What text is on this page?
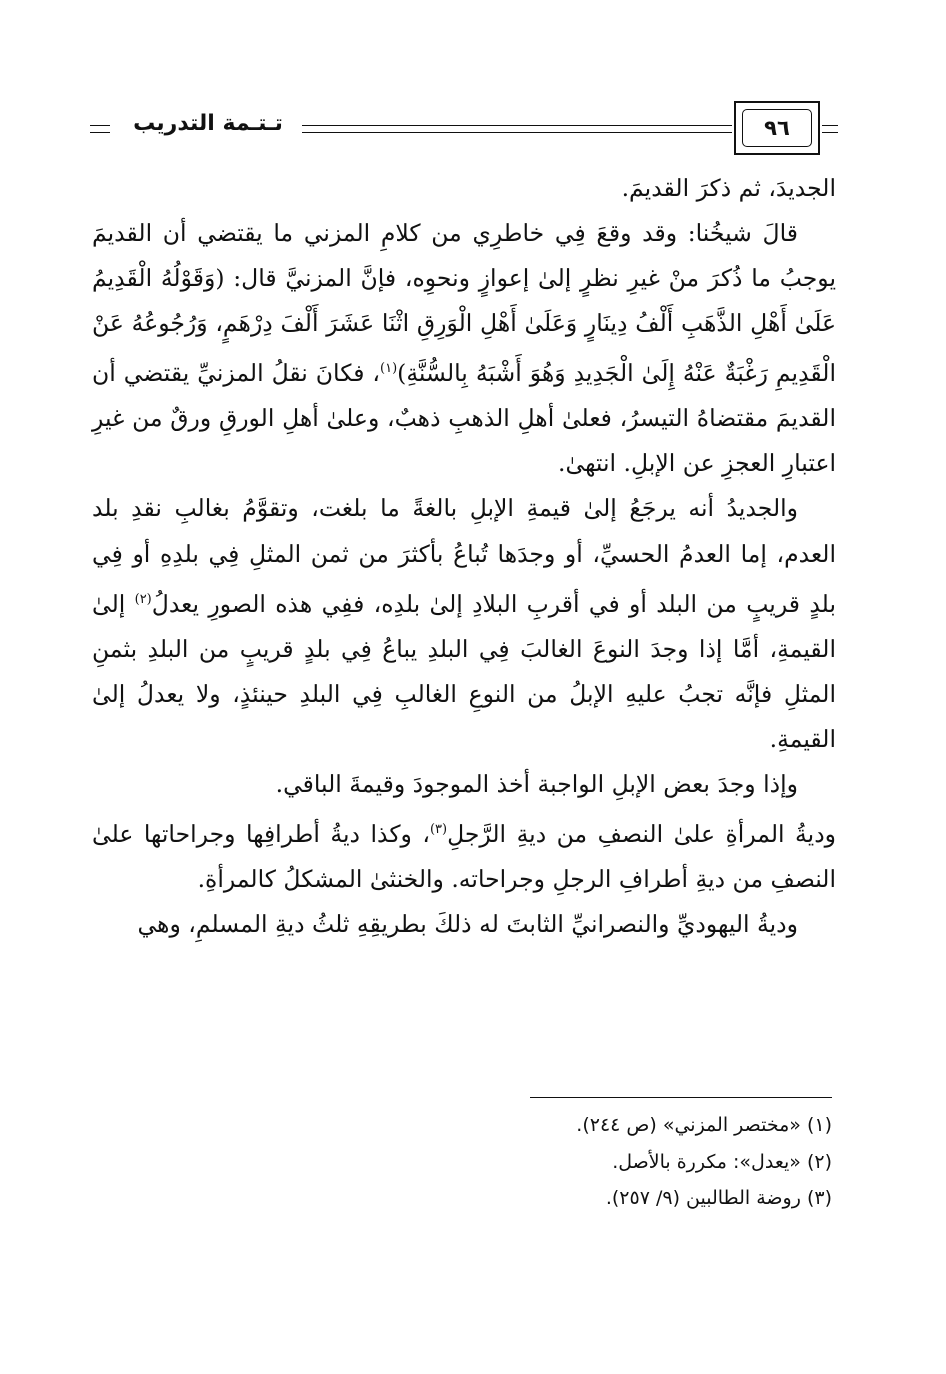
تـتـمة التدريب	٩٦

الجديدَ، ثم ذكرَ القديمَ.

قالَ شيخُنا: وقد وقعَ فِي خاطرِي من كلامِ المزني ما يقتضي أن القديمَ يوجبُ ما ذُكرَ منْ غيرِ نظرٍ إلىٰ إعوازٍ ونحوِه، فإنَّ المزنيَّ قال: (وَقَوْلُهُ الْقَدِيمُ عَلَىٰ أَهْلِ الذَّهَبِ أَلْفُ دِينَارٍ وَعَلَىٰ أَهْلِ الْوَرِقِ اثْنَا عَشَرَ أَلْفَ دِرْهَمٍ، وَرُجُوعُهُ عَنْ الْقَدِيمِ رَغْبَةٌ عَنْهُ إِلَىٰ الْجَدِيدِ وَهُوَ أَشْبَهُ بِالسُّنَّةِ)$^{(١)}$، فكانَ نقلُ المزنيِّ يقتضي أن القديمَ مقتضاهُ التيسرُ، فعلىٰ أهلِ الذهبِ ذهبٌ، وعلىٰ أهلِ الورقِ ورقٌ من غيرِ اعتبارِ العجزِ عن الإبلِ. انتهىٰ.

والجديدُ أنه يرجَعُ إلىٰ قيمةِ الإبلِ بالغةً ما بلغت، وتقوَّمُ بغالبِ نقدِ بلد العدم، إما العدمُ الحسيِّ، أو وجدَها تُباعُ بأكثرَ من ثمن المثلِ فِي بلدِهِ أو فِي بلدٍ قريبٍ من البلد أو في أقربِ البلادِ إلىٰ بلدِه، ففِي هذه الصورِ يعدلُ$^{(٢)}$ إلىٰ القيمةِ، أمَّا إذا وجدَ النوعَ الغالبَ فِي البلدِ يباعُ فِي بلدٍ قريبٍ من البلدِ بثمنِ المثلِ فإنَّه تجبُ عليهِ الإبلُ من النوعِ الغالبِ فِي البلدِ حينئذٍ، ولا يعدلُ إلىٰ القيمةِ.

وإذا وجدَ بعض الإبلِ الواجبة أخذ الموجودَ وقيمةَ الباقي.

وديةُ المرأةِ علىٰ النصفِ من ديةِ الرَّجلِ$^{(٣)}$، وكذا ديةُ أطرافِها وجراحاتها علىٰ النصفِ من ديةِ أطرافِ الرجلِ وجراحاته. والخنثىٰ المشكلُ كالمرأةِ.

وديةُ اليهوديِّ والنصرانيِّ الثابتَ له ذلكَ بطريقِهِ ثلثُ ديةِ المسلمِ، وهي

(١) «مختصر المزني» (ص ٢٤٤).

(٢) «يعدل»: مكررة بالأصل.

(٣) روضة الطالبين (٩/ ٢٥٧).
